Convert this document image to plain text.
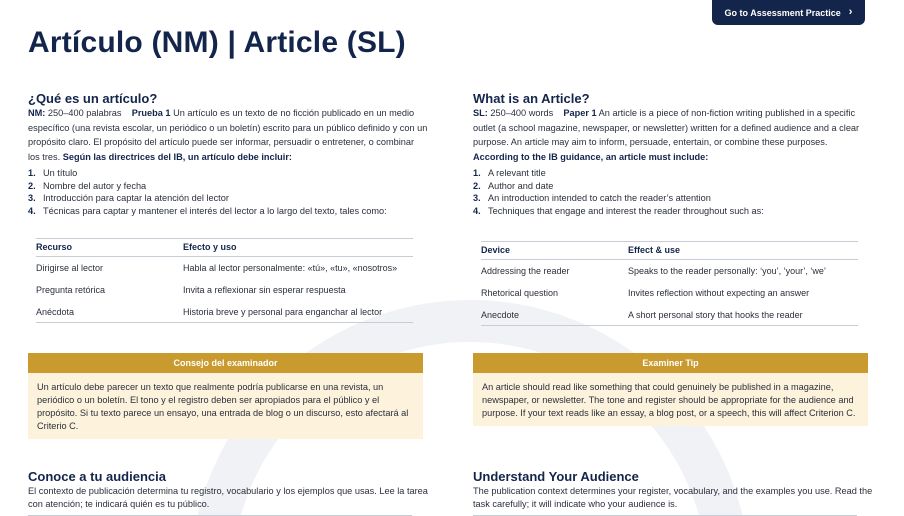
Go to Assessment Practice ›
Artículo (NM) | Article (SL)
¿Qué es un artículo?

NM: 250–400 palabras Prueba 1 Un artículo es un texto de no ficción publicado en un medio específico (una revista escolar, un periódico o un boletín) escrito para un público definido y con un propósito claro. El propósito del artículo puede ser informar, persuadir o entretener, o combinar los tres. Según las directrices del IB, un artículo debe incluir:

1. Un título
2. Nombre del autor y fecha
3. Introducción para captar la atención del lector
4. Técnicas para captar y mantener el interés del lector a lo largo del texto, tales como:
Recurso	Efecto y uso
Dirigirse al lector	Habla al lector personalmente: «tú», «tu», «nosotros»
Pregunta retórica	Invita a reflexionar sin esperar respuesta
Anécdota	Historia breve y personal para enganchar al lector
What is an Article?

SL: 250–400 words Paper 1 An article is a piece of non-fiction writing published in a specific outlet (a school magazine, newspaper, or newsletter) written for a defined audience and a clear purpose. An article may aim to inform, persuade, entertain, or combine these purposes. According to the IB guidance, an article must include:

1. A relevant title
2. Author and date
3. An introduction intended to catch the reader’s attention
4. Techniques that engage and interest the reader throughout such as:
Device	Effect & use
Addressing the reader	Speaks to the reader personally: ‘you’, ‘your’, ‘we’
Rhetorical question	Invites reflection without expecting an answer
Anecdote	A short personal story that hooks the reader
Consejo del examinador
Un artículo debe parecer un texto que realmente podría publicarse en una revista, un periódico o un boletín. El tono y el registro deben ser apropiados para el público y el propósito. Si tu texto parece un ensayo, una entrada de blog o un discurso, esto afectará al Criterio C.
Examiner Tip
An article should read like something that could genuinely be published in a magazine, newspaper, or newsletter. The tone and register should be appropriate for the audience and purpose. If your text reads like an essay, a blog post, or a speech, this will affect Criterion C.
Conoce a tu audiencia

El contexto de publicación determina tu registro, vocabulario y los ejemplos que usas. Lee la tarea con atención; te indicará quién es tu público.

Understand Your Audience

The publication context determines your register, vocabulary, and the examples you use. Read the task carefully; it will indicate who your audience is.
